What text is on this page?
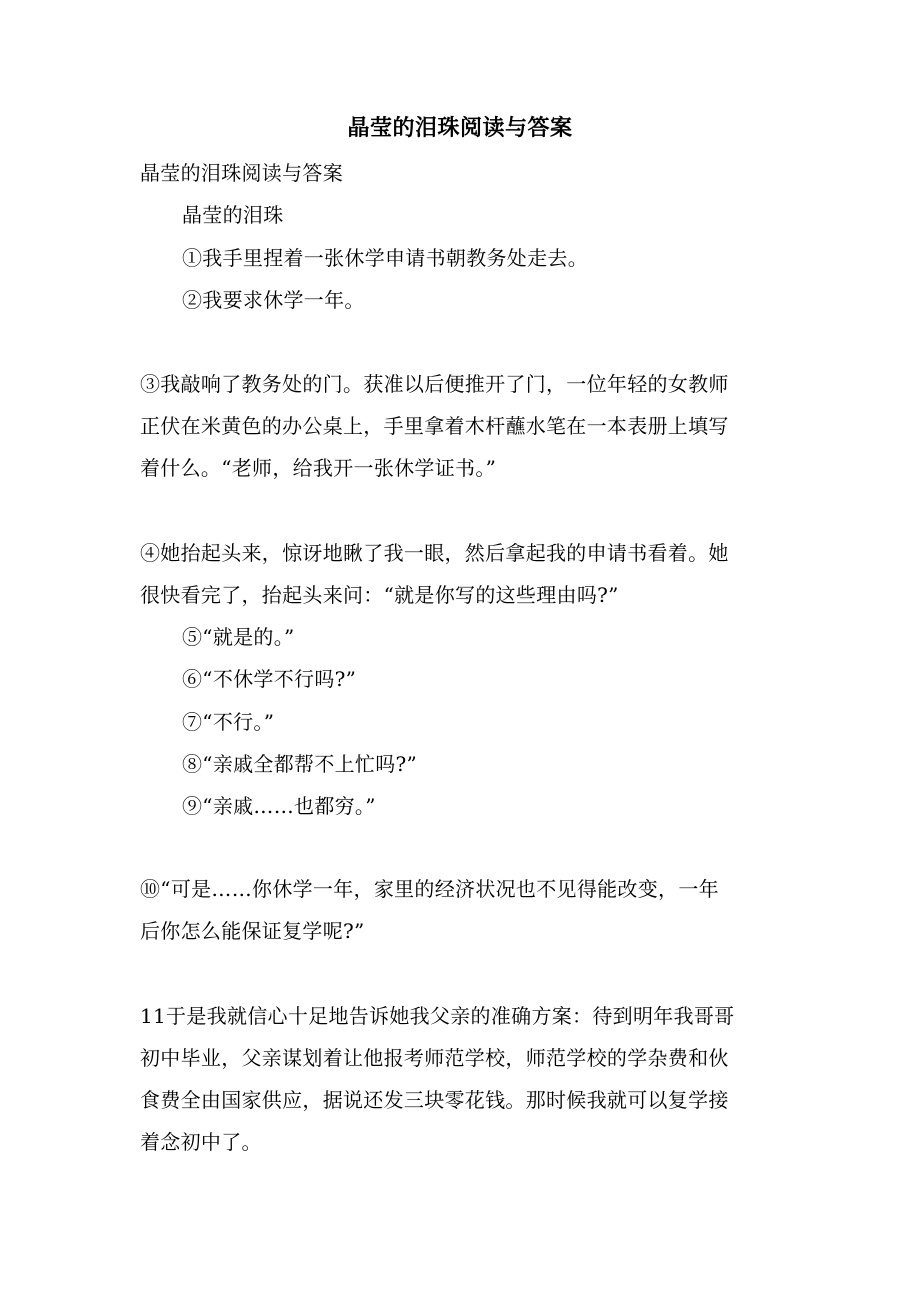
晶莹的泪珠阅读与答案
晶莹的泪珠阅读与答案
晶莹的泪珠
①我手里捏着一张休学申请书朝教务处走去。
②我要求休学一年。
③我敲响了教务处的门。获准以后便推开了门，一位年轻的女教师
正伏在米黄色的办公桌上，手里拿着木杆蘸水笔在一本表册上填写
着什么。“老师，给我开一张休学证书。”
④她抬起头来，惊讶地瞅了我一眼，然后拿起我的申请书看着。她
很快看完了，抬起头来问：“就是你写的这些理由吗?”
⑤“就是的。”
⑥“不休学不行吗?”
⑦“不行。”
⑧“亲戚全都帮不上忙吗?”
⑨“亲戚……也都穷。”
⑩“可是……你休学一年，家里的经济状况也不见得能改变，一年
后你怎么能保证复学呢?”
11于是我就信心十足地告诉她我父亲的准确方案：待到明年我哥哥
初中毕业，父亲谋划着让他报考师范学校，师范学校的学杂费和伙
食费全由国家供应，据说还发三块零花钱。那时候我就可以复学接
着念初中了。
